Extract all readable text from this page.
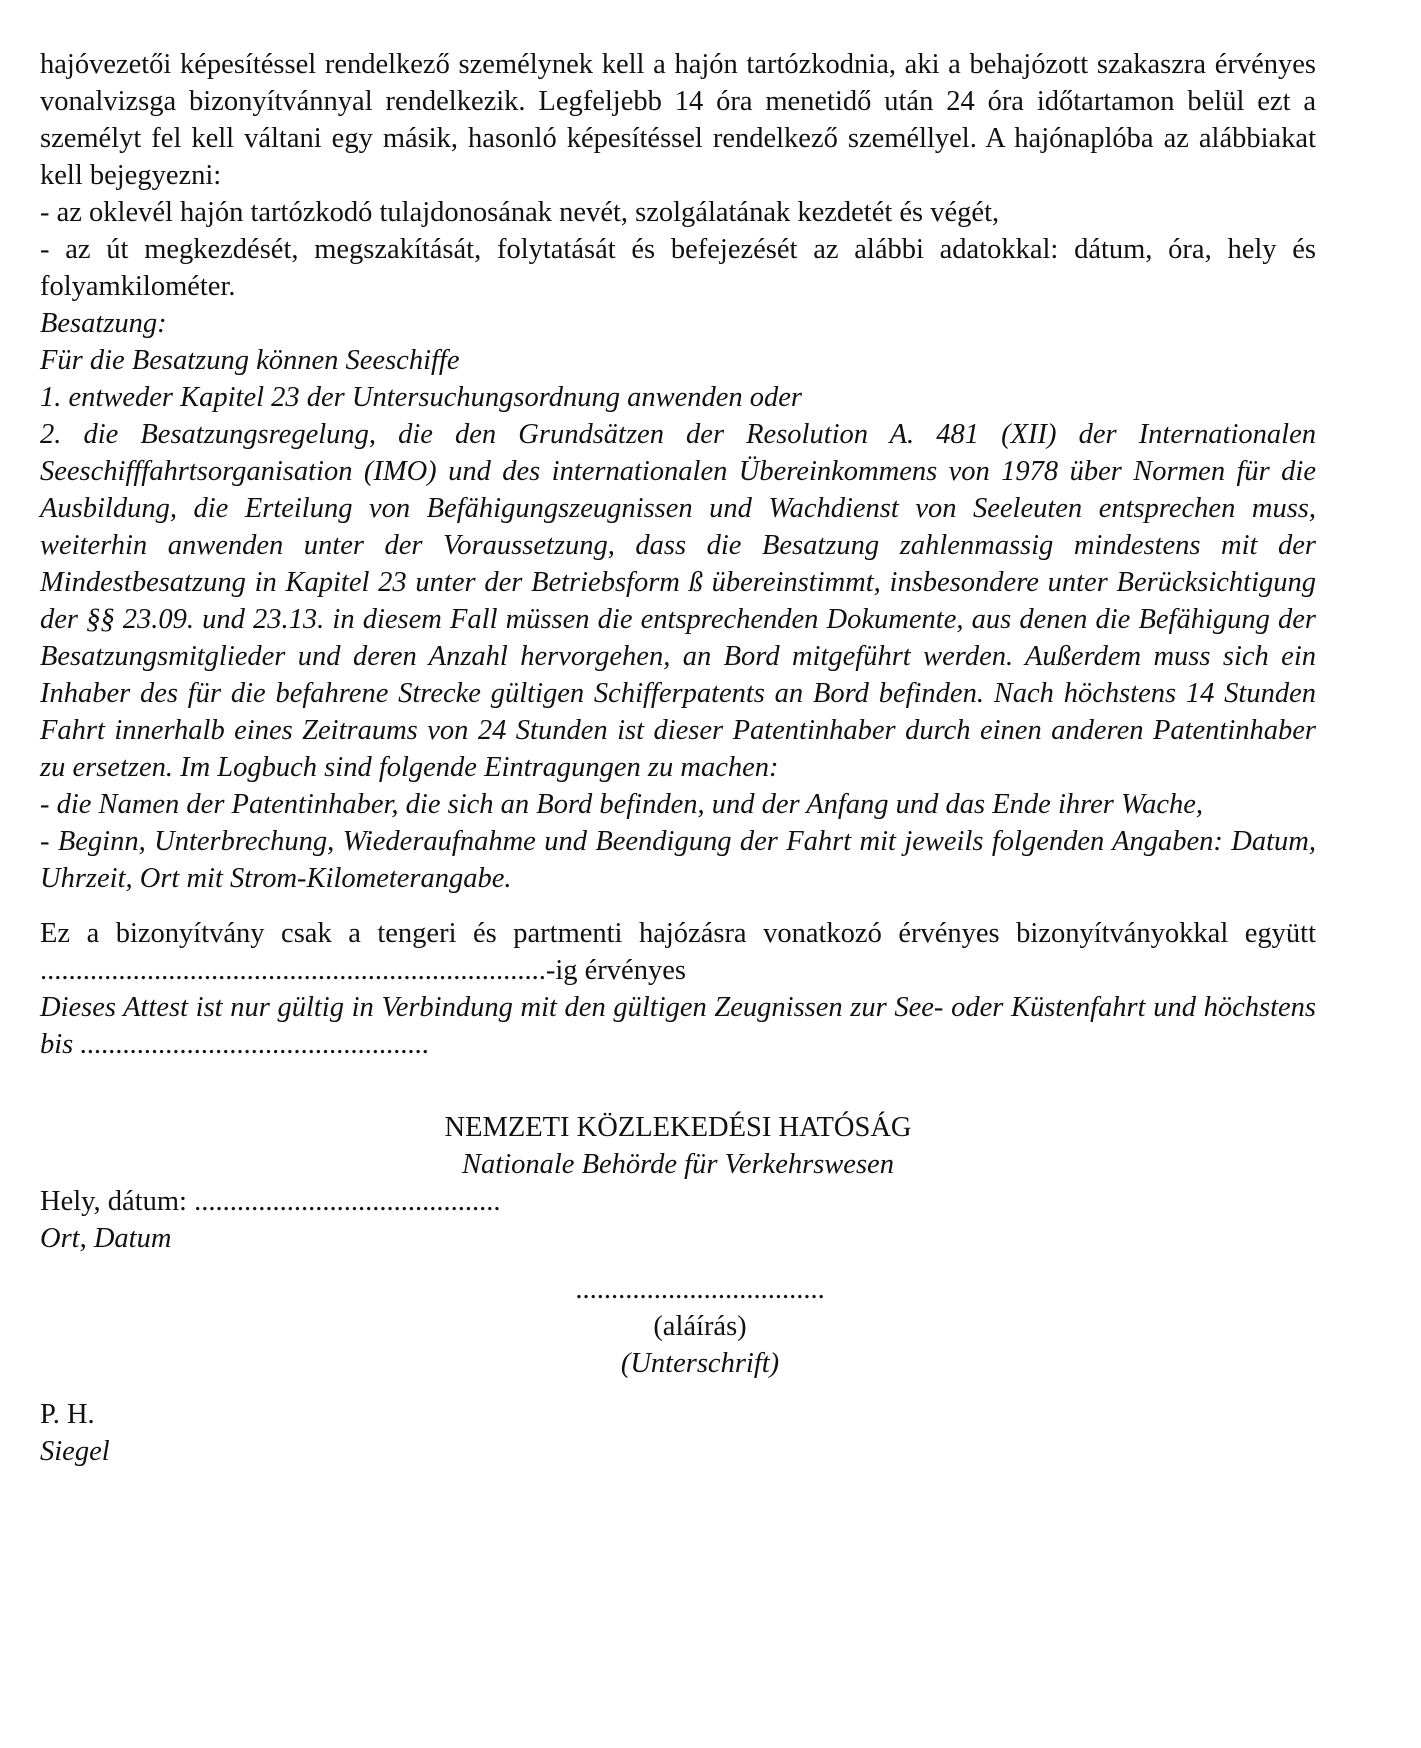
hajóvezetői képesítéssel rendelkező személynek kell a hajón tartózkodnia, aki a behajózott szakaszra érvényes vonalvizsga bizonyítvánnyal rendelkezik. Legfeljebb 14 óra menetidő után 24 óra időtartamon belül ezt a személyt fel kell váltani egy másik, hasonló képesítéssel rendelkező személlyel. A hajónaplóba az alábbiakat kell bejegyezni:

- az oklevél hajón tartózkodó tulajdonosának nevét, szolgálatának kezdetét és végét,

- az út megkezdését, megszakítását, folytatását és befejezését az alábbi adatokkal: dátum, óra, hely és folyamkilométer.

Besatzung:

Für die Besatzung können Seeschiffe

1. entweder Kapitel 23 der Untersuchungsordnung anwenden oder

2. die Besatzungsregelung, die den Grundsätzen der Resolution A. 481 (XII) der Internationalen Seeschifffahrtsorganisation (IMO) und des internationalen Übereinkommens von 1978 über Normen für die Ausbildung, die Erteilung von Befähigungszeugnissen und Wachdienst von Seeleuten entsprechen muss, weiterhin anwenden unter der Voraussetzung, dass die Besatzung zahlenmassig mindestens mit der Mindestbesatzung in Kapitel 23 unter der Betriebsform ß übereinstimmt, insbesondere unter Berücksichtigung der §§ 23.09. und 23.13. in diesem Fall müssen die entsprechenden Dokumente, aus denen die Befähigung der Besatzungsmitglieder und deren Anzahl hervorgehen, an Bord mitgeführt werden. Außerdem muss sich ein Inhaber des für die befahrene Strecke gültigen Schifferpatents an Bord befinden. Nach höchstens 14 Stunden Fahrt innerhalb eines Zeitraums von 24 Stunden ist dieser Patentinhaber durch einen anderen Patentinhaber zu ersetzen. Im Logbuch sind folgende Eintragungen zu machen:

- die Namen der Patentinhaber, die sich an Bord befinden, und der Anfang und das Ende ihrer Wache,

- Beginn, Unterbrechung, Wiederaufnahme und Beendigung der Fahrt mit jeweils folgenden Angaben: Datum, Uhrzeit, Ort mit Strom-Kilometerangabe.

Ez a bizonyítvány csak a tengeri és partmenti hajózásra vonatkozó érvényes bizonyítványokkal együtt .......................................................................-ig érvényes

Dieses Attest ist nur gültig in Verbindung mit den gültigen Zeugnissen zur See- oder Küstenfahrt und höchstens bis .................................................

NEMZETI KÖZLEKEDÉSI HATÓSÁG

Nationale Behörde für Verkehrswesen

Hely, dátum: ...........................................

Ort, Datum

...................................

(aláírás)

(Unterschrift)

P. H.

Siegel
